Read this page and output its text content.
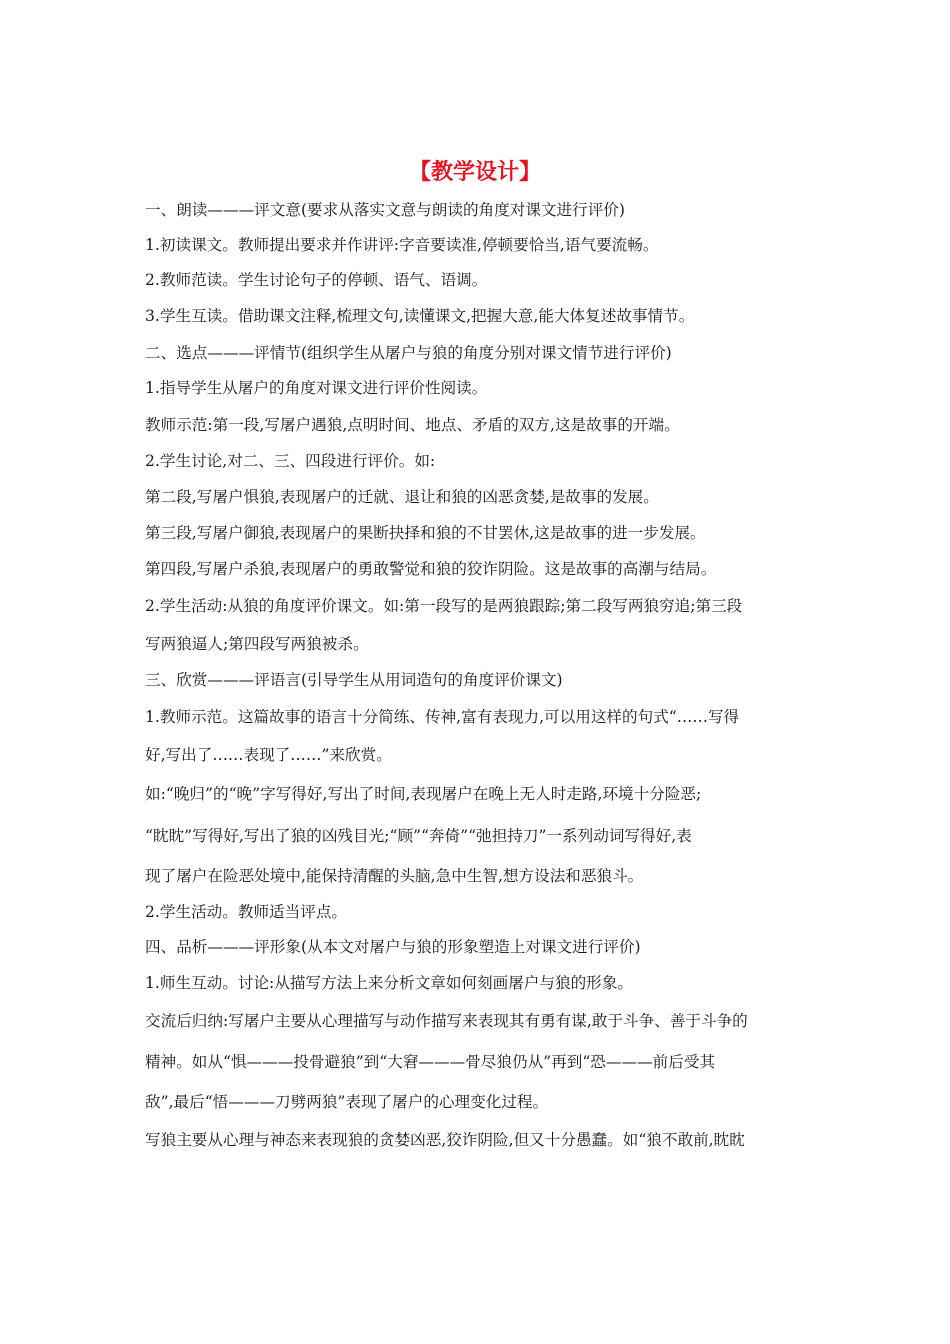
【教学设计】

一、朗读———评文意(要求从落实文意与朗读的角度对课文进行评价)

1.初读课文。教师提出要求并作讲评:字音要读准,停顿要恰当,语气要流畅。

2.教师范读。学生讨论句子的停顿、语气、语调。

3.学生互读。借助课文注释,梳理文句,读懂课文,把握大意,能大体复述故事情节。

二、选点———评情节(组织学生从屠户与狼的角度分别对课文情节进行评价)

1.指导学生从屠户的角度对课文进行评价性阅读。

教师示范:第一段,写屠户遇狼,点明时间、地点、矛盾的双方,这是故事的开端。

2.学生讨论,对二、三、四段进行评价。如:

第二段,写屠户惧狼,表现屠户的迁就、退让和狼的凶恶贪婪,是故事的发展。

第三段,写屠户御狼,表现屠户的果断抉择和狼的不甘罢休,这是故事的进一步发展。

第四段,写屠户杀狼,表现屠户的勇敢警觉和狼的狡诈阴险。这是故事的高潮与结局。

2.学生活动:从狼的角度评价课文。如:第一段写的是两狼跟踪;第二段写两狼穷追;第三段

写两狼逼人;第四段写两狼被杀。

三、欣赏———评语言(引导学生从用词造句的角度评价课文)

1.教师示范。这篇故事的语言十分简练、传神,富有表现力,可以用这样的句式“……写得

好,写出了……表现了……”来欣赏。

如:“晚归”的“晚”字写得好,写出了时间,表现屠户在晚上无人时走路,环境十分险恶;

“眈眈”写得好,写出了狼的凶残目光;“顾”“奔倚”“弛担持刀”一系列动词写得好,表

现了屠户在险恶处境中,能保持清醒的头脑,急中生智,想方设法和恶狼斗。

2.学生活动。教师适当评点。

四、品析———评形象(从本文对屠户与狼的形象塑造上对课文进行评价)

1.师生互动。讨论:从描写方法上来分析文章如何刻画屠户与狼的形象。

交流后归纳:写屠户主要从心理描写与动作描写来表现其有勇有谋,敢于斗争、善于斗争的

精神。如从“惧———投骨避狼”到“大窘———骨尽狼仍从”再到“恐———前后受其

敌”,最后“悟———刀劈两狼”表现了屠户的心理变化过程。

写狼主要从心理与神态来表现狼的贪婪凶恶,狡诈阴险,但又十分愚蠢。如“狼不敢前,眈眈
